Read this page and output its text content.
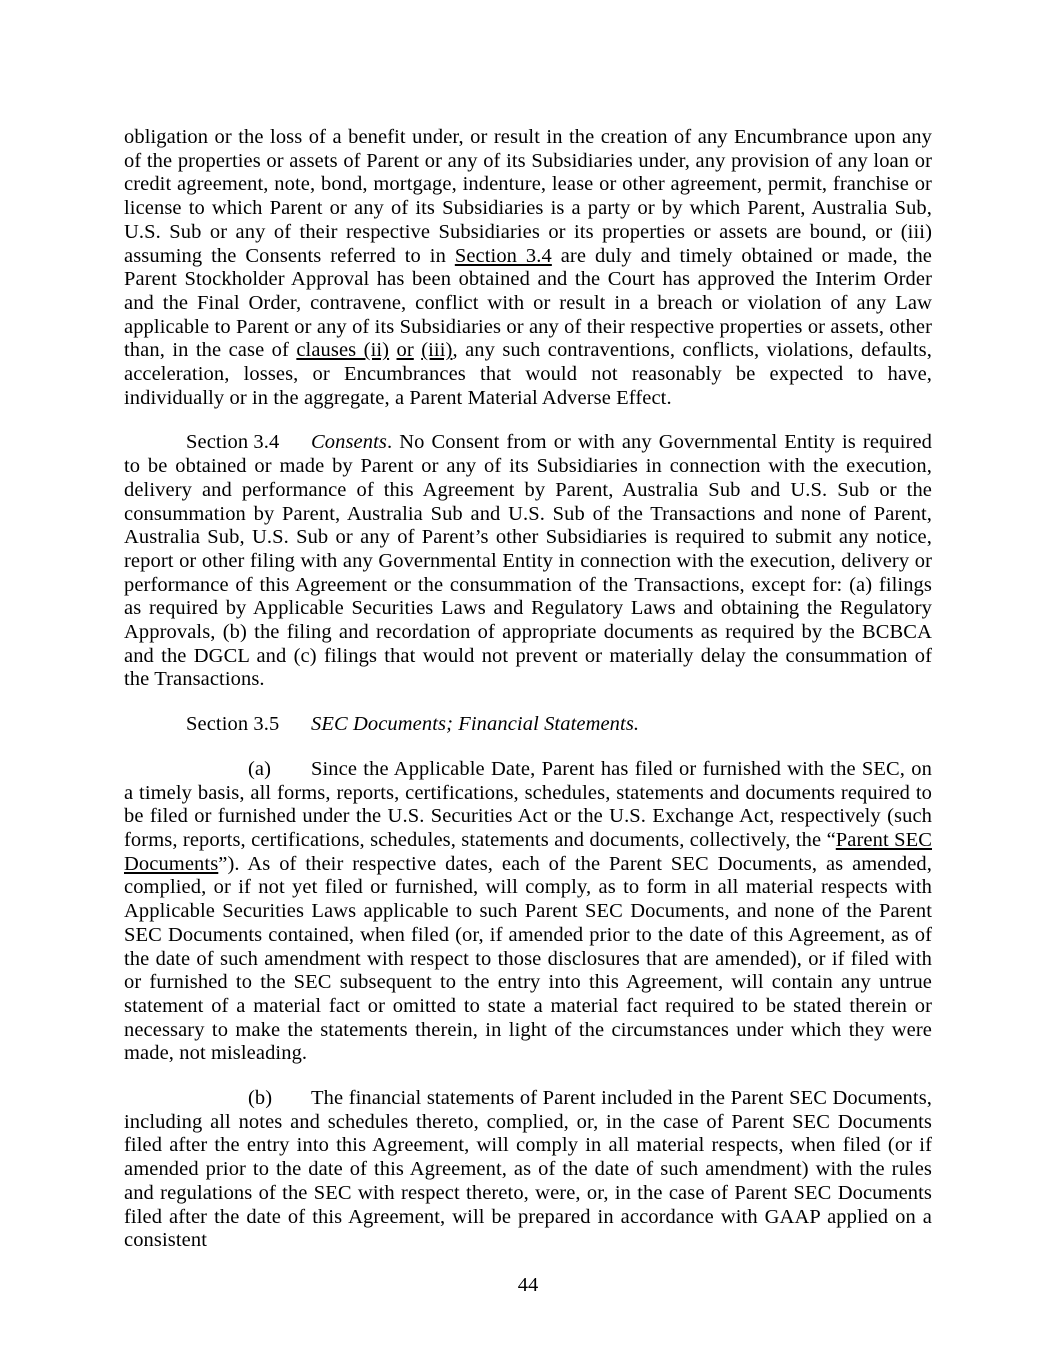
obligation or the loss of a benefit under, or result in the creation of any Encumbrance upon any of the properties or assets of Parent or any of its Subsidiaries under, any provision of any loan or credit agreement, note, bond, mortgage, indenture, lease or other agreement, permit, franchise or license to which Parent or any of its Subsidiaries is a party or by which Parent, Australia Sub, U.S. Sub or any of their respective Subsidiaries or its properties or assets are bound, or (iii) assuming the Consents referred to in Section 3.4 are duly and timely obtained or made, the Parent Stockholder Approval has been obtained and the Court has approved the Interim Order and the Final Order, contravene, conflict with or result in a breach or violation of any Law applicable to Parent or any of its Subsidiaries or any of their respective properties or assets, other than, in the case of clauses (ii) or (iii), any such contraventions, conflicts, violations, defaults, acceleration, losses, or Encumbrances that would not reasonably be expected to have, individually or in the aggregate, a Parent Material Adverse Effect.

Section 3.4 Consents. No Consent from or with any Governmental Entity is required to be obtained or made by Parent or any of its Subsidiaries in connection with the execution, delivery and performance of this Agreement by Parent, Australia Sub and U.S. Sub or the consummation by Parent, Australia Sub and U.S. Sub of the Transactions and none of Parent, Australia Sub, U.S. Sub or any of Parent’s other Subsidiaries is required to submit any notice, report or other filing with any Governmental Entity in connection with the execution, delivery or performance of this Agreement or the consummation of the Transactions, except for: (a) filings as required by Applicable Securities Laws and Regulatory Laws and obtaining the Regulatory Approvals, (b) the filing and recordation of appropriate documents as required by the BCBCA and the DGCL and (c) filings that would not prevent or materially delay the consummation of the Transactions.

Section 3.5 SEC Documents; Financial Statements.

(a) Since the Applicable Date, Parent has filed or furnished with the SEC, on a timely basis, all forms, reports, certifications, schedules, statements and documents required to be filed or furnished under the U.S. Securities Act or the U.S. Exchange Act, respectively (such forms, reports, certifications, schedules, statements and documents, collectively, the “Parent SEC Documents”). As of their respective dates, each of the Parent SEC Documents, as amended, complied, or if not yet filed or furnished, will comply, as to form in all material respects with Applicable Securities Laws applicable to such Parent SEC Documents, and none of the Parent SEC Documents contained, when filed (or, if amended prior to the date of this Agreement, as of the date of such amendment with respect to those disclosures that are amended), or if filed with or furnished to the SEC subsequent to the entry into this Agreement, will contain any untrue statement of a material fact or omitted to state a material fact required to be stated therein or necessary to make the statements therein, in light of the circumstances under which they were made, not misleading.

(b) The financial statements of Parent included in the Parent SEC Documents, including all notes and schedules thereto, complied, or, in the case of Parent SEC Documents filed after the entry into this Agreement, will comply in all material respects, when filed (or if amended prior to the date of this Agreement, as of the date of such amendment) with the rules and regulations of the SEC with respect thereto, were, or, in the case of Parent SEC Documents filed after the date of this Agreement, will be prepared in accordance with GAAP applied on a consistent

44
